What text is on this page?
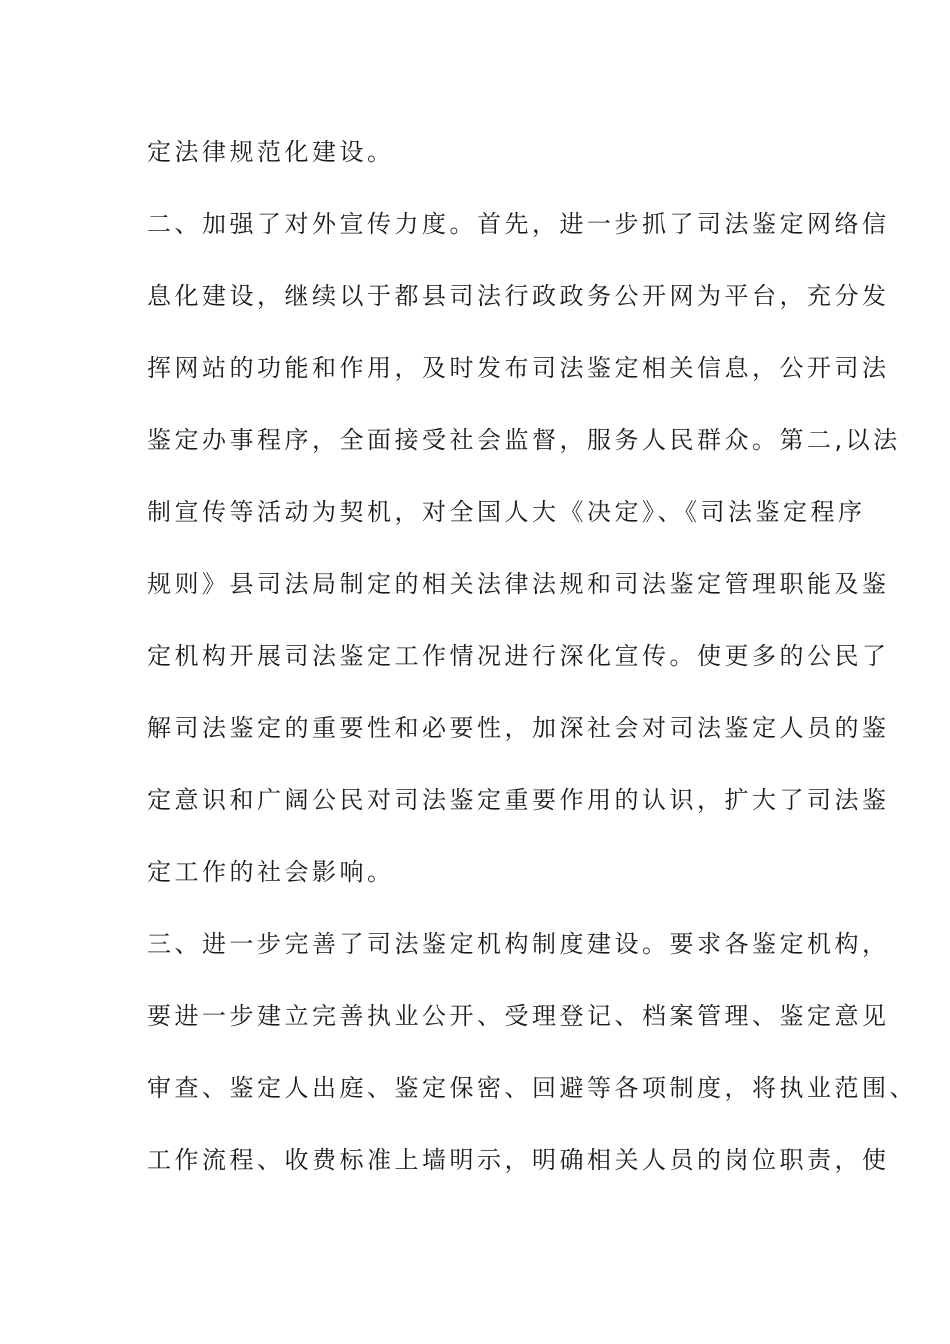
定法律规范化建设。
二、加强了对外宣传力度。首先，进一步抓了司法鉴定网络信
息化建设，继续以于都县司法行政政务公开网为平台，充分发
挥网站的功能和作用，及时发布司法鉴定相关信息，公开司法
鉴定办事程序，全面接受社会监督，服务人民群众。第二,以法
制宣传等活动为契机，对全国人大《决定》、《司法鉴定程序
规则》县司法局制定的相关法律法规和司法鉴定管理职能及鉴
定机构开展司法鉴定工作情况进行深化宣传。使更多的公民了
解司法鉴定的重要性和必要性，加深社会对司法鉴定人员的鉴
定意识和广阔公民对司法鉴定重要作用的认识，扩大了司法鉴
定工作的社会影响。
三、进一步完善了司法鉴定机构制度建设。要求各鉴定机构，
要进一步建立完善执业公开、受理登记、档案管理、鉴定意见
审查、鉴定人出庭、鉴定保密、回避等各项制度，将执业范围、
工作流程、收费标准上墙明示，明确相关人员的岗位职责，使
